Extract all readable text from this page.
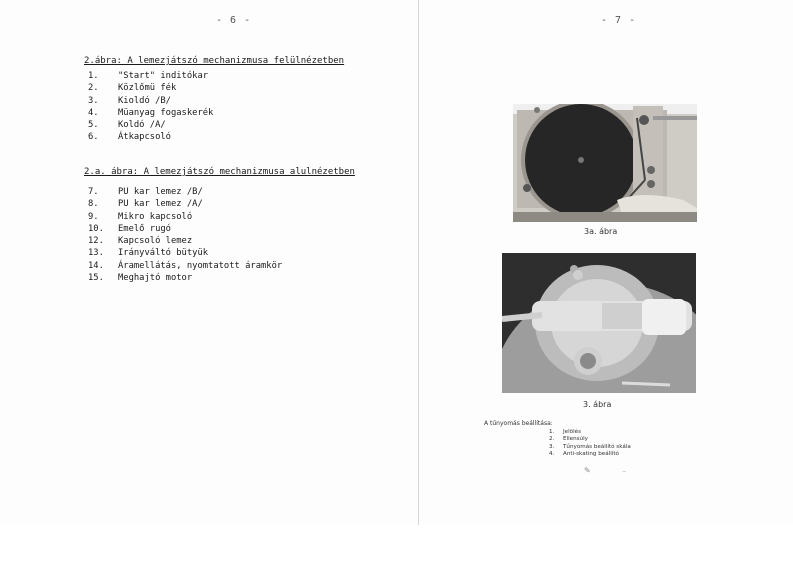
- 6 -
2.ábra: A lemezjátszó mechanizmusa felülnézetben
1.	"Start" inditókar
2.	Közlőmü fék
3.	Kioldó /B/
4.	Müanyag fogaskerék
5.	Koldó /A/
6.	Átkapcsoló
2.a. ábra: A lemezjátszó mechanizmusa alulnézetben
7.	PU kar lemez /B/
8.	PU kar lemez /A/
9.	Mikro kapcsoló
10.	Emelő rugó
12.	Kapcsoló lemez
13.	Irányváltó bütyük
14.	Áramellátás, nyomtatott áramkör
15.	Meghajtó motor
- 7 -
3a. ábra
3. ábra
A tűnyomás beállítása:
1.	Jelölés
2.	Ellensúly
3.	Tűnyomás beállító skála
4.	Anti-skating beállító
✎	⁻
